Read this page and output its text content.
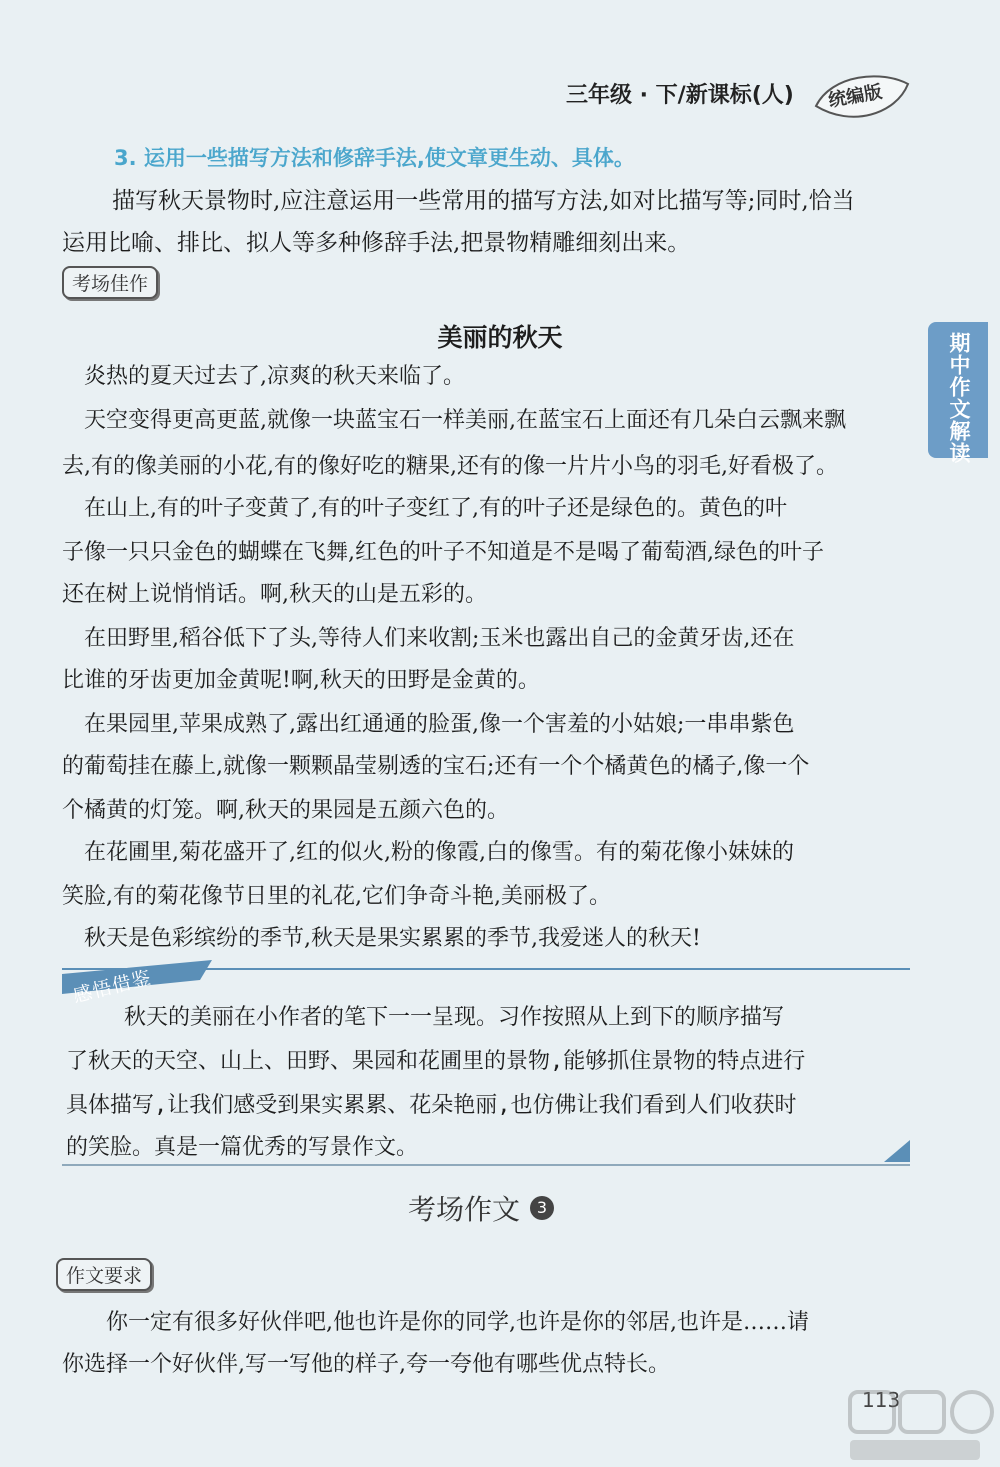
三年级 · 下/新课标(人) 统编版
期中作文解读
3. 运用一些描写方法和修辞手法,使文章更生动、具体。
描写秋天景物时,应注意运用一些常用的描写方法,如对比描写等;同时,恰当
运用比喻、排比、拟人等多种修辞手法,把景物精雕细刻出来。
考场佳作
美丽的秋天
　炎热的夏天过去了,凉爽的秋天来临了。
　天空变得更高更蓝,就像一块蓝宝石一样美丽,在蓝宝石上面还有几朵白云飘来飘
去,有的像美丽的小花,有的像好吃的糖果,还有的像一片片小鸟的羽毛,好看极了。
　在山上,有的叶子变黄了,有的叶子变红了,有的叶子还是绿色的。黄色的叶
子像一只只金色的蝴蝶在飞舞,红色的叶子不知道是不是喝了葡萄酒,绿色的叶子
还在树上说悄悄话。啊,秋天的山是五彩的。
　在田野里,稻谷低下了头,等待人们来收割;玉米也露出自己的金黄牙齿,还在
比谁的牙齿更加金黄呢!啊,秋天的田野是金黄的。
　在果园里,苹果成熟了,露出红通通的脸蛋,像一个害羞的小姑娘;一串串紫色
的葡萄挂在藤上,就像一颗颗晶莹剔透的宝石;还有一个个橘黄色的橘子,像一个
个橘黄的灯笼。啊,秋天的果园是五颜六色的。
　在花圃里,菊花盛开了,红的似火,粉的像霞,白的像雪。有的菊花像小妹妹的
笑脸,有的菊花像节日里的礼花,它们争奇斗艳,美丽极了。
　秋天是色彩缤纷的季节,秋天是果实累累的季节,我爱迷人的秋天!
感悟借鉴
　　秋天的美丽在小作者的笔下一一呈现。习作按照从上到下的顺序描写
了秋天的天空、山上、田野、果园和花圃里的景物,能够抓住景物的特点进行
具体描写,让我们感受到果实累累、花朵艳丽,也仿佛让我们看到人们收获时
的笑脸。真是一篇优秀的写景作文。
考场作文	3
作文要求
　　你一定有很多好伙伴吧,他也许是你的同学,也许是你的邻居,也许是……请
你选择一个好伙伴,写一写他的样子,夸一夸他有哪些优点特长。
113
